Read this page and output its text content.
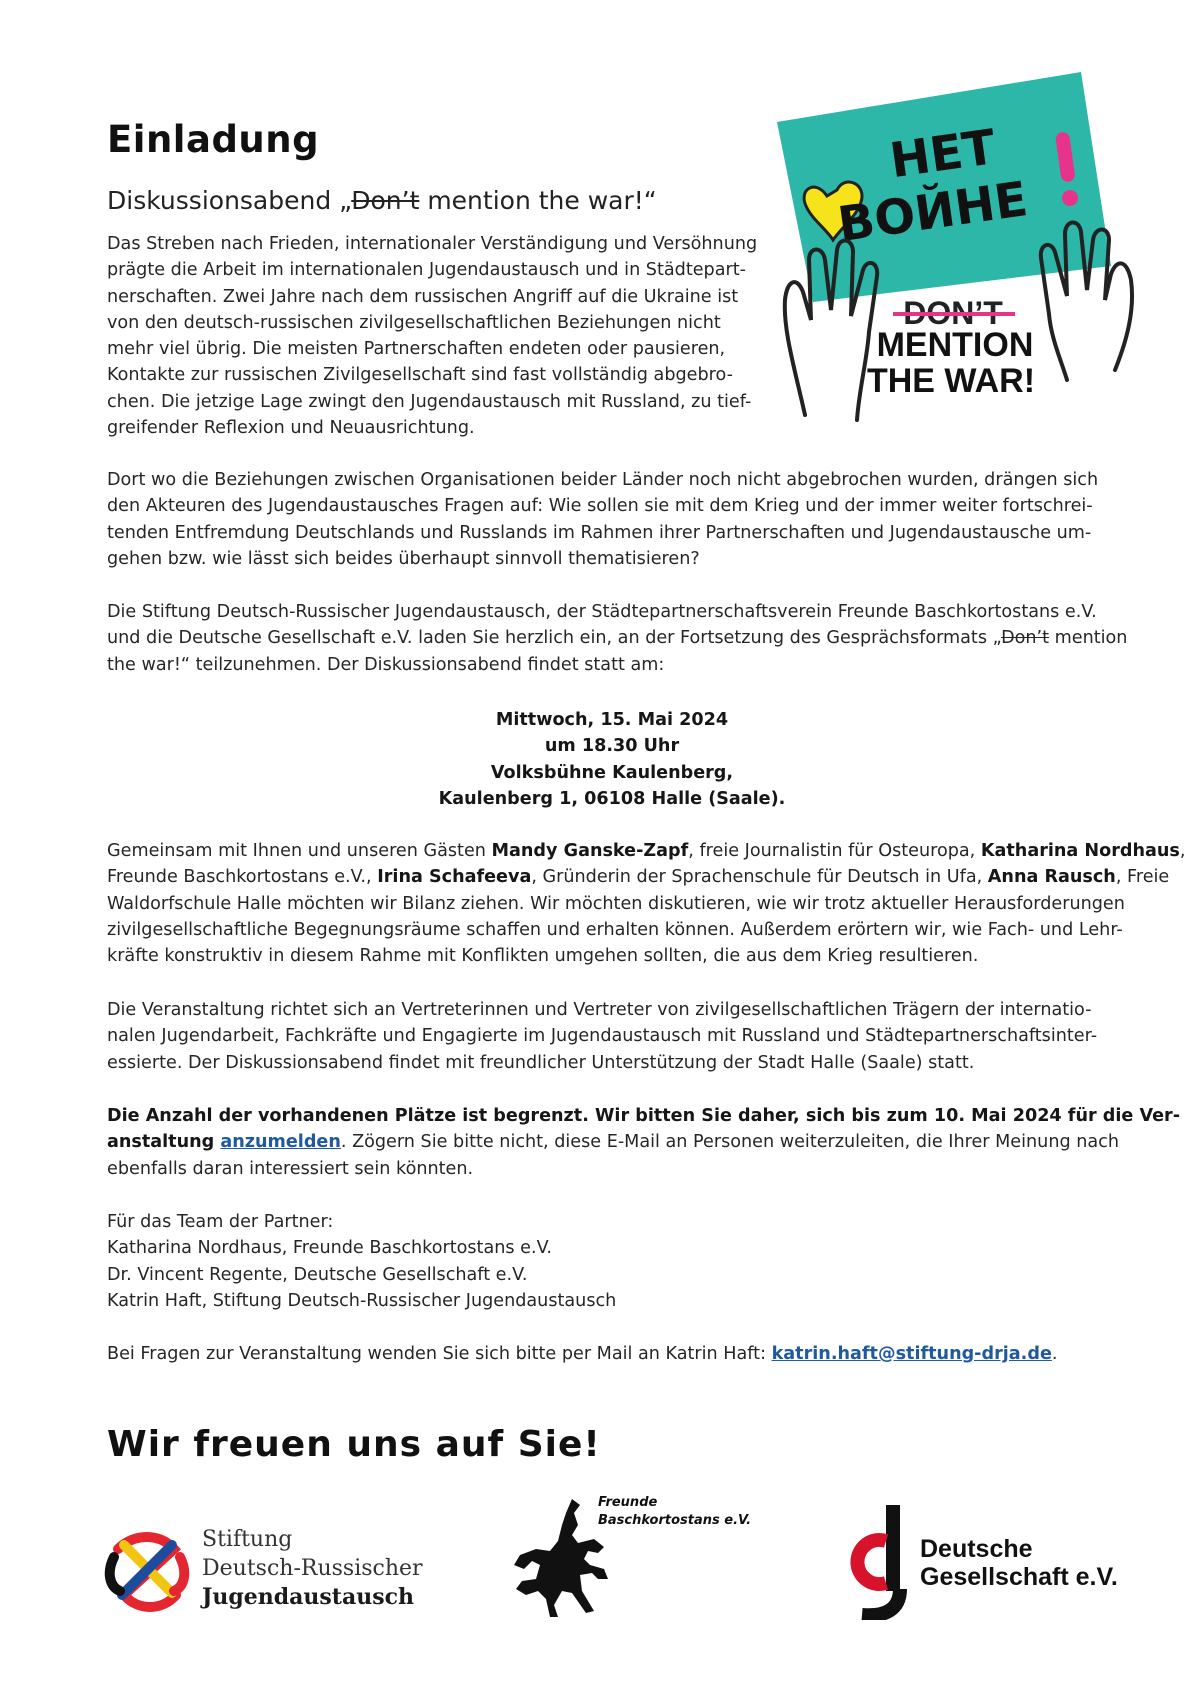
Einladung
Diskussionsabend „Don’t mention the war!“

Das Streben nach Frieden, internationaler Verständigung und Versöhnung
prägte die Arbeit im internationalen Jugendaustausch und in Städtepart-
nerschaften. Zwei Jahre nach dem russischen Angriff auf die Ukraine ist
von den deutsch-russischen zivilgesellschaftlichen Beziehungen nicht
mehr viel übrig. Die meisten Partnerschaften endeten oder pausieren,
Kontakte zur russischen Zivilgesellschaft sind fast vollständig abgebro-
chen. Die jetzige Lage zwingt den Jugendaustausch mit Russland, zu tief-
greifender Reflexion und Neuausrichtung.

НЕТ
ВОЙНЕ
DON’T
MENTION
THE WAR!

Dort wo die Beziehungen zwischen Organisationen beider Länder noch nicht abgebrochen wurden, drängen sich
den Akteuren des Jugendaustausches Fragen auf: Wie sollen sie mit dem Krieg und der immer weiter fortschrei-
tenden Entfremdung Deutschlands und Russlands im Rahmen ihrer Partnerschaften und Jugendaustausche um-
gehen bzw. wie lässt sich beides überhaupt sinnvoll thematisieren?

Die Stiftung Deutsch-Russischer Jugendaustausch, der Städtepartnerschaftsverein Freunde Baschkortostans e.V.
und die Deutsche Gesellschaft e.V. laden Sie herzlich ein, an der Fortsetzung des Gesprächsformats „Don’t mention
the war!“ teilzunehmen. Der Diskussionsabend findet statt am:

Mittwoch, 15. Mai 2024
um 18.30 Uhr
Volksbühne Kaulenberg,
Kaulenberg 1, 06108 Halle (Saale).

Gemeinsam mit Ihnen und unseren Gästen Mandy Ganske-Zapf, freie Journalistin für Osteuropa, Katharina Nordhaus,
Freunde Baschkortostans e.V., Irina Schafeeva, Gründerin der Sprachenschule für Deutsch in Ufa, Anna Rausch, Freie
Waldorfschule Halle möchten wir Bilanz ziehen. Wir möchten diskutieren, wie wir trotz aktueller Herausforderungen
zivilgesellschaftliche Begegnungsräume schaffen und erhalten können. Außerdem erörtern wir, wie Fach- und Lehr-
kräfte konstruktiv in diesem Rahme mit Konflikten umgehen sollten, die aus dem Krieg resultieren.

Die Veranstaltung richtet sich an Vertreterinnen und Vertreter von zivilgesellschaftlichen Trägern der internatio-
nalen Jugendarbeit, Fachkräfte und Engagierte im Jugendaustausch mit Russland und Städtepartnerschaftsinter-
essierte. Der Diskussionsabend findet mit freundlicher Unterstützung der Stadt Halle (Saale) statt.

Die Anzahl der vorhandenen Plätze ist begrenzt. Wir bitten Sie daher, sich bis zum 10. Mai 2024 für die Ver-
anstaltung anzumelden. Zögern Sie bitte nicht, diese E-Mail an Personen weiterzuleiten, die Ihrer Meinung nach
ebenfalls daran interessiert sein könnten.

Für das Team der Partner:
Katharina Nordhaus, Freunde Baschkortostans e.V.
Dr. Vincent Regente, Deutsche Gesellschaft e.V.
Katrin Haft, Stiftung Deutsch-Russischer Jugendaustausch

Bei Fragen zur Veranstaltung wenden Sie sich bitte per Mail an Katrin Haft: katrin.haft@stiftung-drja.de.

Wir freuen uns auf Sie!
Stiftung
Deutsch-Russischer
Jugendaustausch
Freunde
Baschkortostans e.V.
Deutsche
Gesellschaft e.V.
